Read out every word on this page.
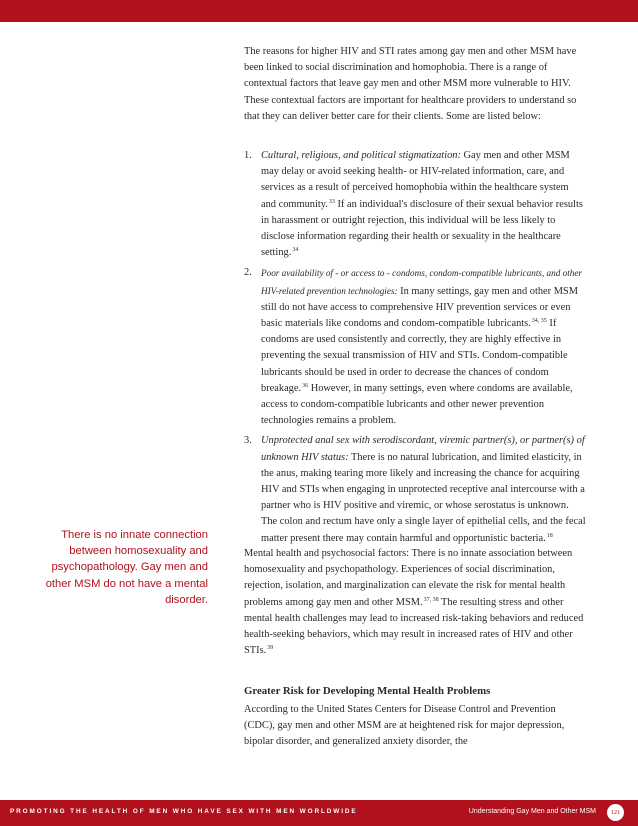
The reasons for higher HIV and STI rates among gay men and other MSM have been linked to social discrimination and homophobia. There is a range of contextual factors that leave gay men and other MSM more vulnerable to HIV. These contextual factors are important for healthcare providers to understand so that they can deliver better care for their clients. Some are listed below:

1. Cultural, religious, and political stigmatization: Gay men and other MSM may delay or avoid seeking health- or HIV-related information, care, and services as a result of perceived homophobia within the healthcare system and community.$^{33}$ If an individual's disclosure of their sexual behavior results in harassment or outright rejection, this individual will be less likely to disclose information regarding their health or sexuality in the healthcare setting.$^{34}$
2. Poor availability of - or access to - condoms, condom-compatible lubricants, and other HIV-related prevention technologies: In many settings, gay men and other MSM still do not have access to comprehensive HIV prevention services or even basic materials like condoms and condom-compatible lubricants.$^{34, 35}$ If condoms are used consistently and correctly, they are highly effective in preventing the sexual transmission of HIV and STIs. Condom-compatible lubricants should be used in order to decrease the chances of condom breakage.$^{36}$ However, in many settings, even where condoms are available, access to condom-compatible lubricants and other newer prevention technologies remains a problem.
3. Unprotected anal sex with serodiscordant, viremic partner(s), or partner(s) of unknown HIV status: There is no natural lubrication, and limited elasticity, in the anus, making tearing more likely and increasing the chance for acquiring HIV and STIs when engaging in unprotected receptive anal intercourse with a partner who is HIV positive and viremic, or whose serostatus is unknown. The colon and rectum have only a single layer of epithelial cells, and the fecal matter present there may contain harmful and opportunistic bacteria.$^{18}$
There is no innate connection between homosexuality and psychopathology. Gay men and other MSM do not have a mental disorder.

Mental health and psychosocial factors: There is no innate association between homosexuality and psychopathology. Experiences of social discrimination, rejection, isolation, and marginalization can elevate the risk for mental health problems among gay men and other MSM.$^{37, 38}$ The resulting stress and other mental health challenges may lead to increased risk-taking behaviors and reduced health-seeking behaviors, which may result in increased rates of HIV and other STIs.$^{39}$

Greater Risk for Developing Mental Health Problems

According to the United States Centers for Disease Control and Prevention (CDC), gay men and other MSM are at heightened risk for major depression, bipolar disorder, and generalized anxiety disorder, the

PROMOTING THE HEALTH OF MEN WHO HAVE SEX WITH MEN WORLDWIDE	Understanding Gay Men and Other MSM	121
